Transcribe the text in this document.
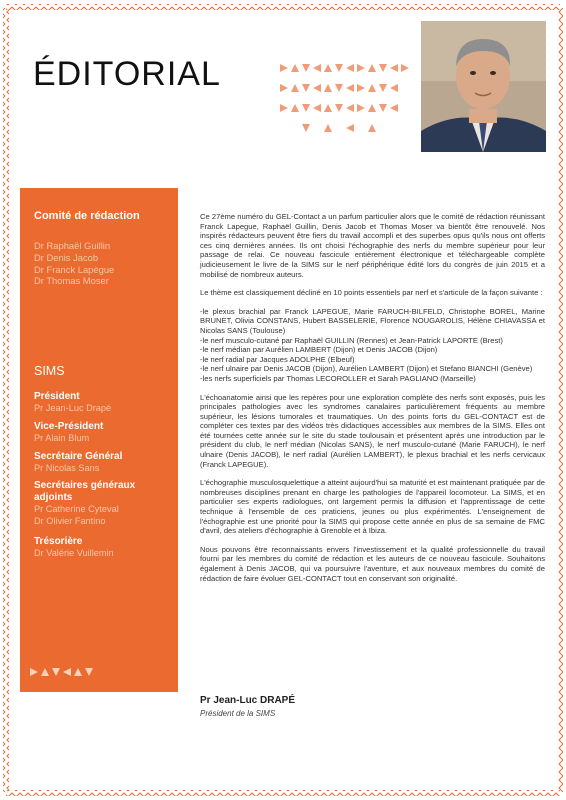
ÉDITORIAL
Comité de rédaction
Dr Raphaël Guillin
Dr Denis Jacob
Dr Franck Lapègue
Dr Thomas Moser
SIMS
Président
Pr Jean-Luc Drapé
Vice-Président
Pr Alain Blum
Secrétaire Général
Pr Nicolas Sans
Secrétaires généraux adjoints
Pr Catherine Cyteval
Dr Olivier Fantino
Trésorière
Dr Valérie Vuillemin

Ce 27ème numéro du GEL-Contact a un parfum particulier alors que le comité de rédaction réunissant Franck Lapegue, Raphaël Guillin, Denis Jacob et Thomas Moser va bientôt être renouvelé. Nos inspirés rédacteurs peuvent être fiers du travail accompli et des superbes opus qu'ils nous ont offerts ces cinq dernières années. Ils ont choisi l'échographie des nerfs du membre supérieur pour leur passage de relai. Ce nouveau fascicule entièrement électronique et téléchargeable complète judicieusement le livre de la SIMS sur le nerf périphérique édité lors du congrès de juin 2015 et a mobilisé de nombreux auteurs.

Le thème est classiquement décliné en 10 points essentiels par nerf et s'articule de la façon suivante :

-le plexus brachial par Franck LAPEGUE, Marie FARUCH-BILFELD, Christophe BOREL, Marine BRUNET, Olivia CONSTANS, Hubert BASSELERIE, Florence NOUGAROLIS, Hélène CHIAVASSA et Nicolas SANS (Toulouse)
-le nerf musculo-cutané par Raphaël GUILLIN (Rennes) et Jean-Patrick LAPORTE (Brest)
-le nerf médian par Aurélien LAMBERT (Dijon) et Denis JACOB (Dijon)
-le nerf radial par Jacques ADOLPHE (Elbeuf)
-le nerf ulnaire par Denis JACOB (Dijon), Aurélien LAMBERT (Dijon) et Stefano BIANCHI (Genève)
-les nerfs superficiels par Thomas LECOROLLER et Sarah PAGLIANO (Marseille)

L'échoanatomie ainsi que les repères pour une exploration complète des nerfs sont exposés, puis les principales pathologies avec les syndromes canalaires particulièrement fréquents au membre supérieur, les lésions tumorales et traumatiques. Un des points forts du GEL-CONTACT est de compléter ces textes par des vidéos très didactiques accessibles aux membres de la SIMS. Elles ont été tournées cette année sur le site du stade toulousain et présentent après une introduction par le président du club, le nerf médian (Nicolas SANS), le nerf musculo-cutané (Marie FARUCH), le nerf ulnaire (Denis JACOB), le nerf radial (Aurélien LAMBERT), le plexus brachial et les nerfs cervicaux (Franck LAPEGUE).

L'échographie musculosquelettique a atteint aujourd'hui sa maturité et est maintenant pratiquée par de nombreuses disciplines prenant en charge les pathologies de l'appareil locomoteur. La SIMS, et en particulier ses experts radiologues, ont largement permis la diffusion et l'apprentissage de cette technique à l'ensemble de ces praticiens, jeunes ou plus expérimentés. L'enseignement de l'échographie est une priorité pour la SIMS qui propose cette année en plus de sa semaine de FMC d'avril, des ateliers d'échographie à Grenoble et à Ibiza.

Nous pouvons être reconnaissants envers l'investissement et la qualité professionnelle du travail fourni par les membres du comité de rédaction et les auteurs de ce nouveau fascicule. Souhaitons également à Denis JACOB, qui va poursuivre l'aventure, et aux nouveaux membres du comité de rédaction de faire évoluer GEL-CONTACT tout en conservant son originalité.

Pr Jean-Luc DRAPÉ
Président de la SIMS
